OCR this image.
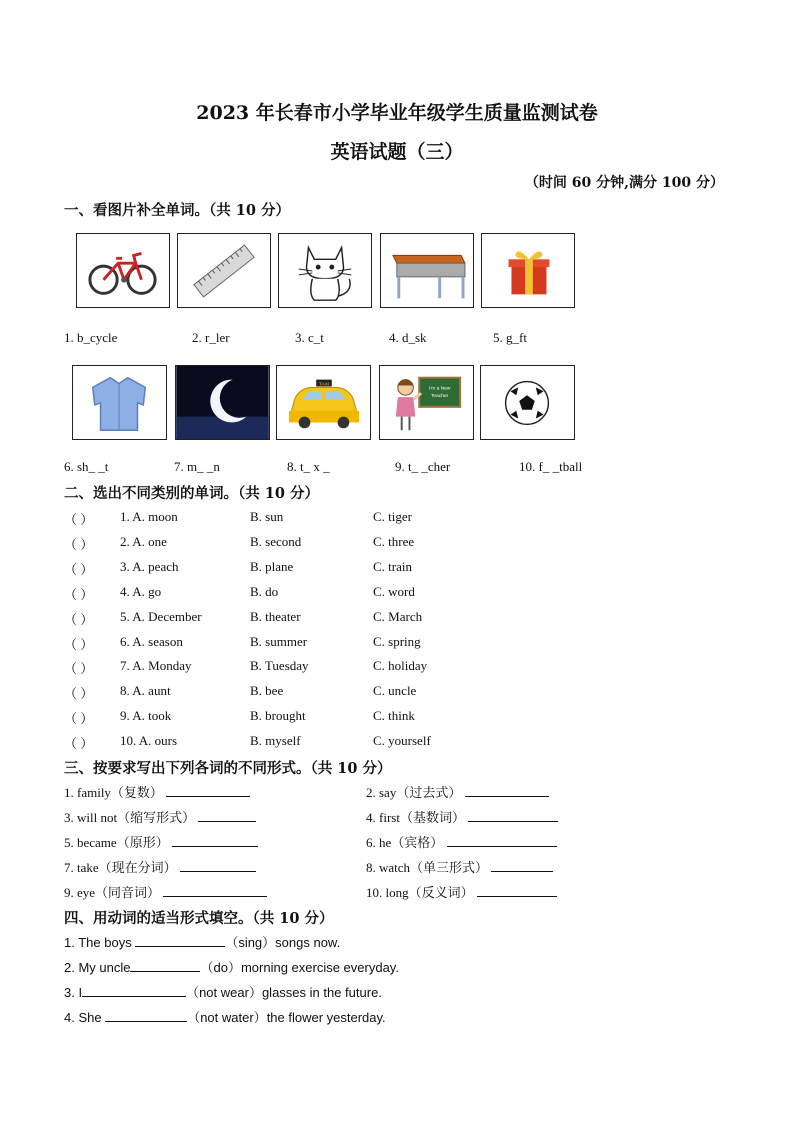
2023 年长春市小学毕业年级学生质量监测试卷
英语试题（三）
（时间 60 分钟,满分 100 分）
一、看图片补全单词。（共 10 分）
1. b_cycle	2. r_ler	3. c_t	4. d_sk	5. g_ft
TAXI
I'm a New
Teacher
6. sh_ _t	7. m_ _n	8. t_ x _	9. t_ _cher	10. f_ _tball
二、选出不同类别的单词。（共 10 分）
（ ） 1. A. moon	B. sun	C. tiger
（ ） 2. A. one	B. second	C. three
（ ） 3. A. peach	B. plane	C. train
（ ） 4. A. go	B. do	C. word
（ ） 5. A. December	B. theater	C. March
（ ） 6. A. season	B. summer	C. spring
（ ） 7. A. Monday	B. Tuesday	C. holiday
（ ） 8. A. aunt	B. bee	C. uncle
（ ） 9. A. took	B. brought	C. think
（ ） 10. A. ours	B. myself	C. yourself
三、按要求写出下列各词的不同形式。（共 10 分）
1. family（复数）	2. say（过去式）
3. will not（缩写形式）	4. first（基数词）
5. became（原形）	6. he（宾格）
7. take（现在分词）	8. watch（单三形式）
9. eye（同音词）	10. long（反义词）
四、用动词的适当形式填空。（共 10 分）
1. The boys	（sing）songs now.
2. My uncle	（do）morning exercise everyday.
3. I	（not wear）glasses in the future.
4. She	（not water）the flower yesterday.
